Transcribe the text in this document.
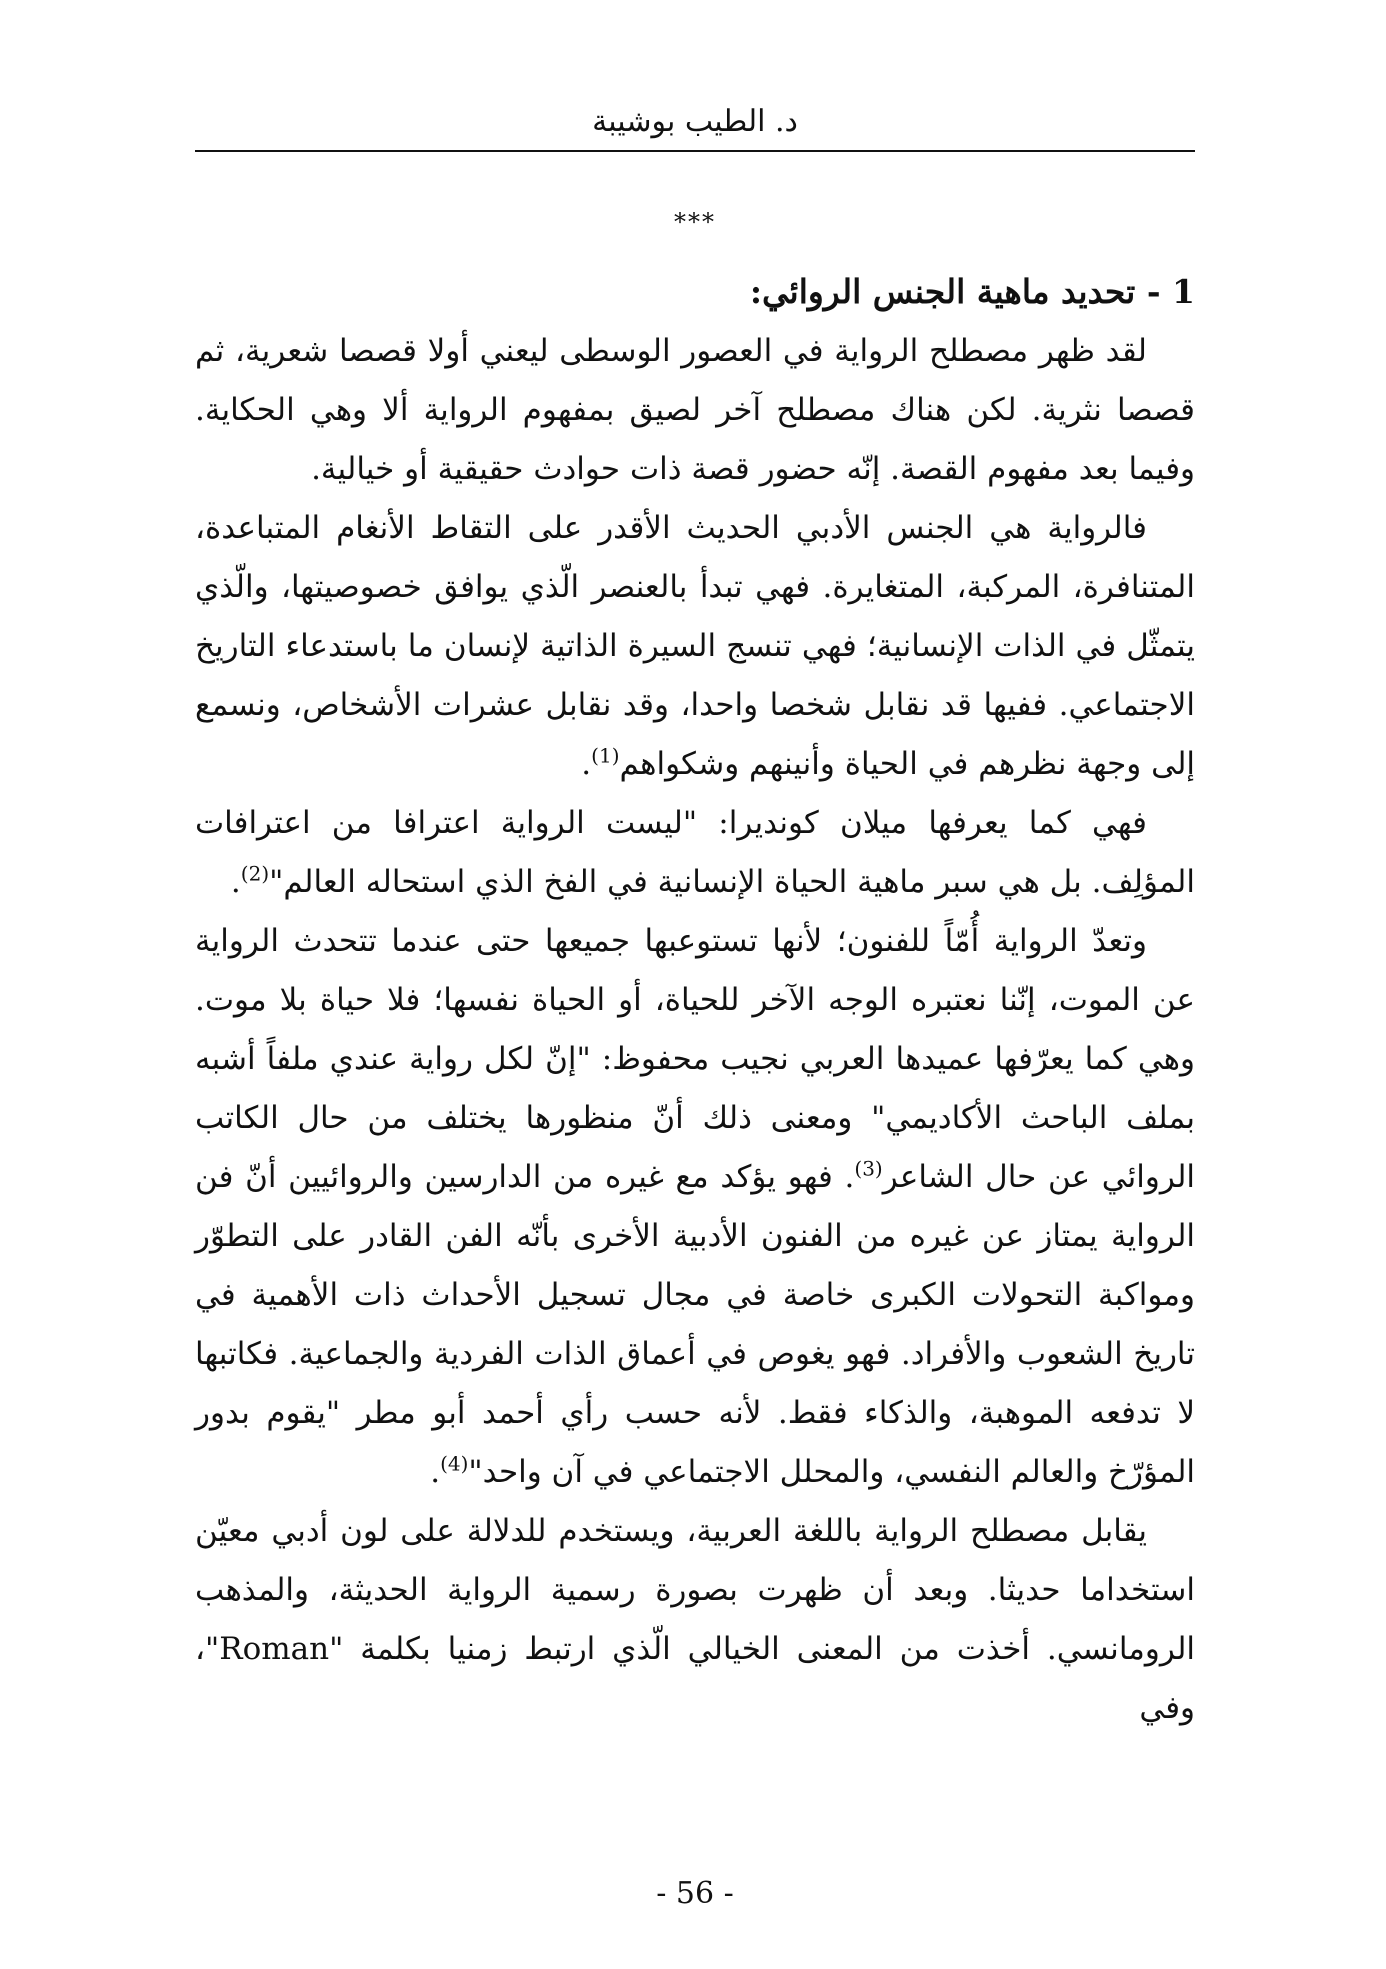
د. الطيب بوشيبة
***
1 - تحديد ماهية الجنس الروائي:

لقد ظهر مصطلح الرواية في العصور الوسطى ليعني أولا قصصا شعرية، ثم قصصا نثرية. لكن هناك مصطلح آخر لصيق بمفهوم الرواية ألا وهي الحكاية. وفيما بعد مفهوم القصة. إنّه حضور قصة ذات حوادث حقيقية أو خيالية.

فالرواية هي الجنس الأدبي الحديث الأقدر على التقاط الأنغام المتباعدة، المتنافرة، المركبة، المتغايرة. فهي تبدأ بالعنصر الّذي يوافق خصوصيتها، والّذي يتمثّل في الذات الإنسانية؛ فهي تنسج السيرة الذاتية لإنسان ما باستدعاء التاريخ الاجتماعي. ففيها قد نقابل شخصا واحدا، وقد نقابل عشرات الأشخاص، ونسمع إلى وجهة نظرهم في الحياة وأنينهم وشكواهم$^{(1)}$.

فهي كما يعرفها ميلان كونديرا: "ليست الرواية اعترافا من اعترافات المؤلِف. بل هي سبر ماهية الحياة الإنسانية في الفخ الذي استحاله العالم"$^{(2)}$.

وتعدّ الرواية أُمّاً للفنون؛ لأنها تستوعبها جميعها حتى عندما تتحدث الرواية عن الموت، إنّنا نعتبره الوجه الآخر للحياة، أو الحياة نفسها؛ فلا حياة بلا موت. وهي كما يعرّفها عميدها العربي نجيب محفوظ: "إنّ لكل رواية عندي ملفاً أشبه بملف الباحث الأكاديمي" ومعنى ذلك أنّ منظورها يختلف من حال الكاتب الروائي عن حال الشاعر$^{(3)}$. فهو يؤكد مع غيره من الدارسين والروائيين أنّ فن الرواية يمتاز عن غيره من الفنون الأدبية الأخرى بأنّه الفن القادر على التطوّر ومواكبة التحولات الكبرى خاصة في مجال تسجيل الأحداث ذات الأهمية في تاريخ الشعوب والأفراد. فهو يغوص في أعماق الذات الفردية والجماعية. فكاتبها لا تدفعه الموهبة، والذكاء فقط. لأنه حسب رأي أحمد أبو مطر "يقوم بدور المؤرّخ والعالم النفسي، والمحلل الاجتماعي في آن واحد"$^{(4)}$.

يقابل مصطلح الرواية باللغة العربية، ويستخدم للدلالة على لون أدبي معيّن استخداما حديثا. وبعد أن ظهرت بصورة رسمية الرواية الحديثة، والمذهب الرومانسي. أخذت من المعنى الخيالي الّذي ارتبط زمنيا بكلمة "Roman"، وفي

- 56 -
